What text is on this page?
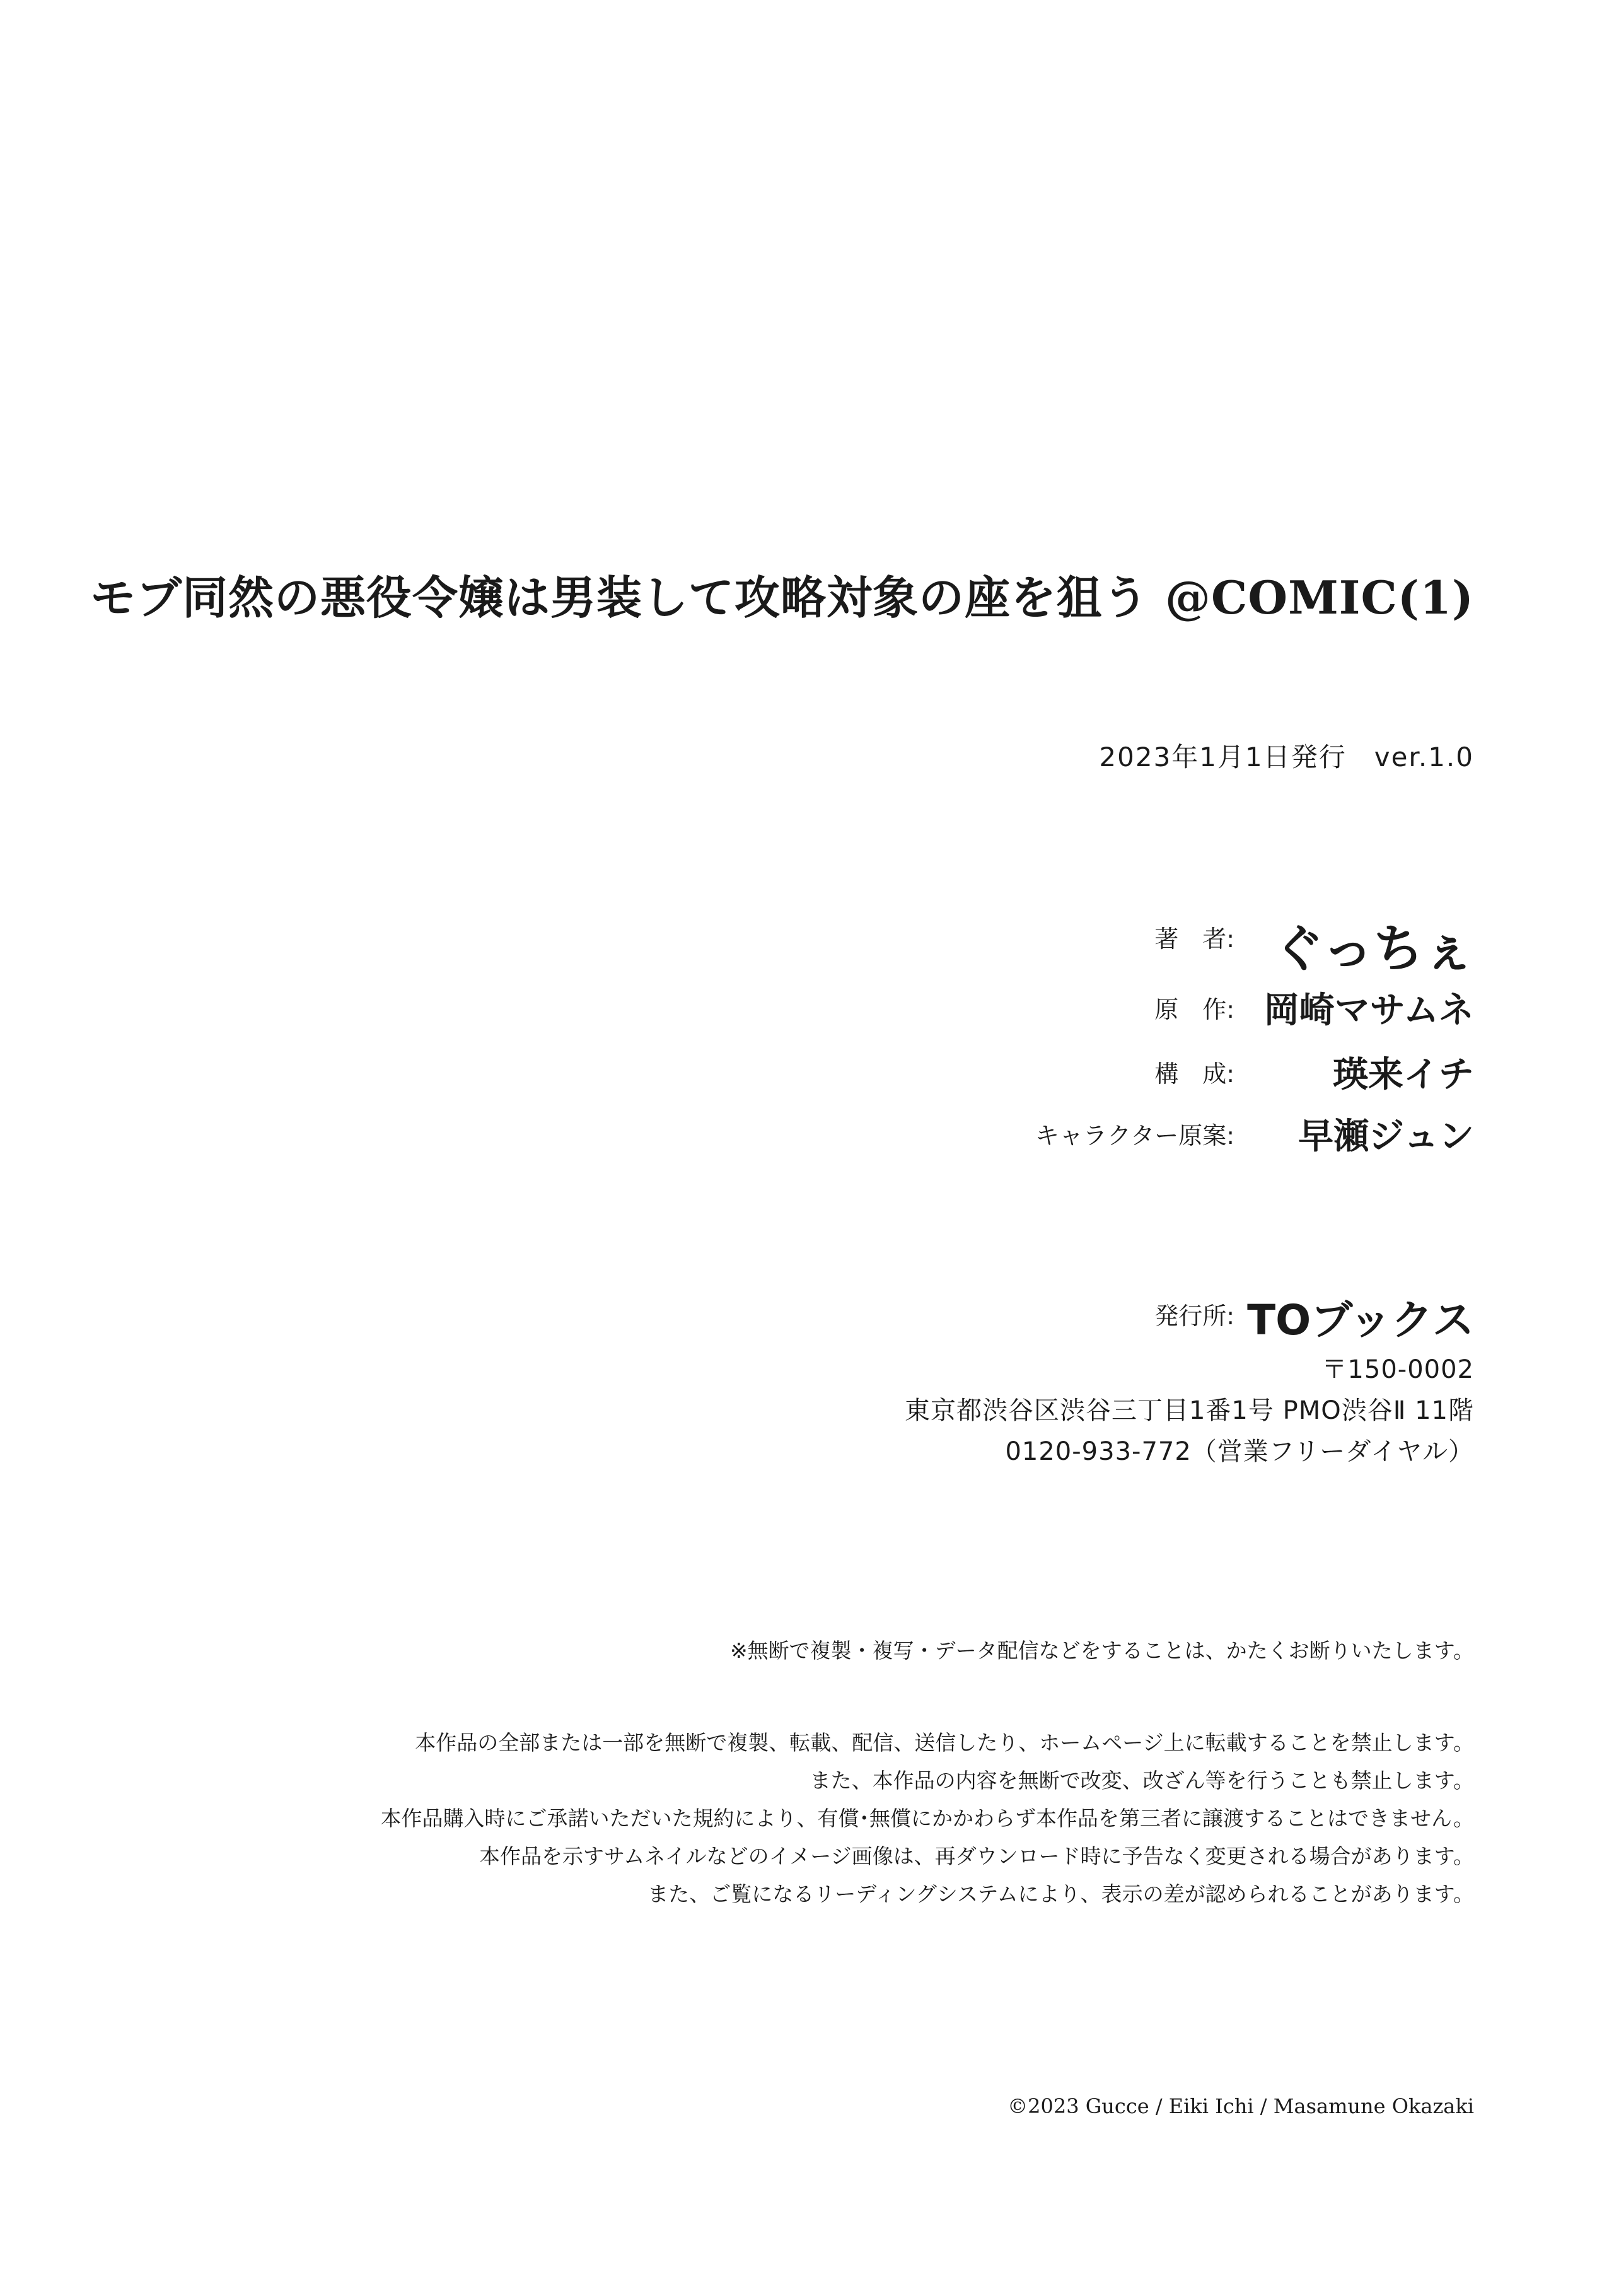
モブ同然の悪役令嬢は男装して攻略対象の座を狙う @COMIC(1)
2023年1月1日発行　ver.1.0
著　者: ぐっちぇ
原　作: 岡崎マサムネ
構　成:	瑛来イチ
キャラクター原案: 早瀬ジュン
発行所: TOブックス
〒150-0002
東京都渋谷区渋谷三丁目1番1号 PMO渋谷Ⅱ 11階
0120-933-772（営業フリーダイヤル）
※無断で複製・複写・データ配信などをすることは、かたくお断りいたします。
本作品の全部または一部を無断で複製、転載、配信、送信したり、ホームページ上に転載することを禁止します。
また、本作品の内容を無断で改変、改ざん等を行うことも禁止します。
本作品購入時にご承諾いただいた規約により、有償･無償にかかわらず本作品を第三者に譲渡することはできません。
本作品を示すサムネイルなどのイメージ画像は、再ダウンロード時に予告なく変更される場合があります。
また、ご覧になるリーディングシステムにより、表示の差が認められることがあります。
©2023 Gucce / Eiki Ichi / Masamune Okazaki
